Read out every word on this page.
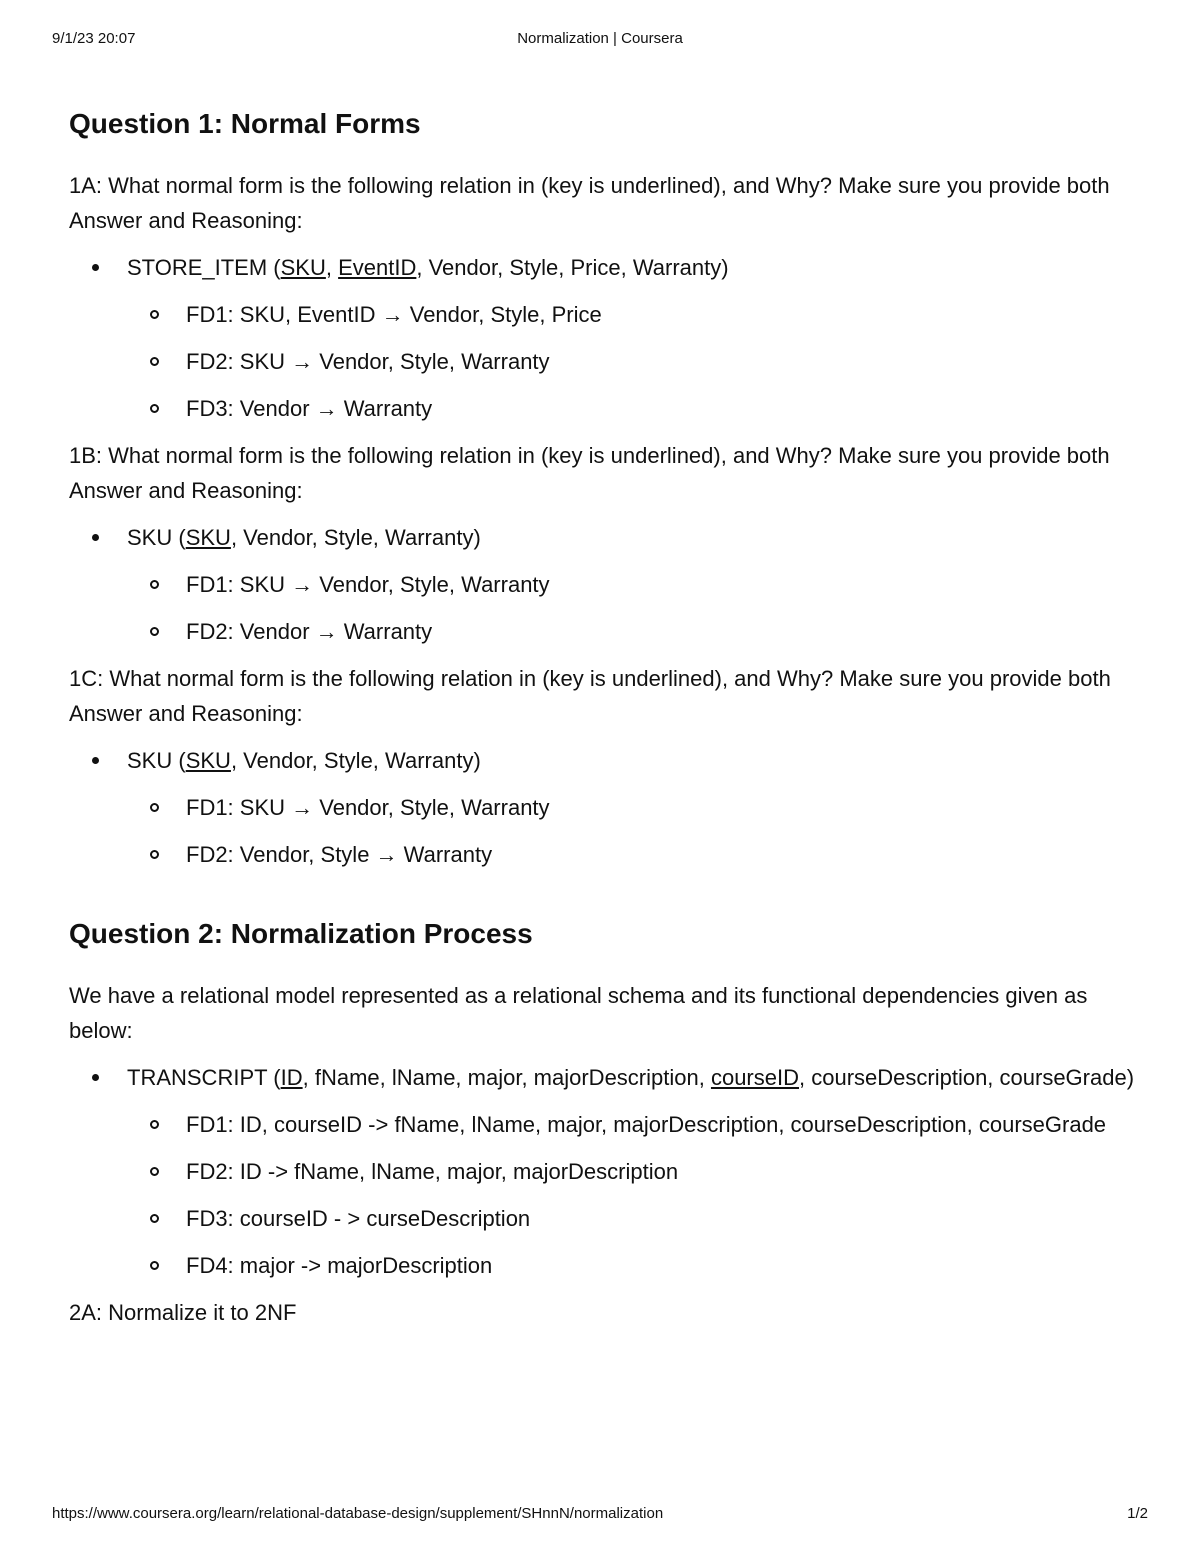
9/1/23 20:07	Normalization | Coursera
Question 1: Normal Forms

1A: What normal form is the following relation in (key is underlined), and Why? Make sure you provide both Answer and Reasoning:

STORE_ITEM (SKU, EventID, Vendor, Style, Price, Warranty)
FD1: SKU, EventID → Vendor, Style, Price
FD2: SKU → Vendor, Style, Warranty
FD3: Vendor → Warranty

1B: What normal form is the following relation in (key is underlined), and Why? Make sure you provide both Answer and Reasoning:

SKU (SKU, Vendor, Style, Warranty)
FD1: SKU → Vendor, Style, Warranty
FD2: Vendor → Warranty

1C: What normal form is the following relation in (key is underlined), and Why? Make sure you provide both Answer and Reasoning:

SKU (SKU, Vendor, Style, Warranty)
FD1: SKU → Vendor, Style, Warranty
FD2: Vendor, Style → Warranty
Question 2: Normalization Process

We have a relational model represented as a relational schema and its functional dependencies given as below:

TRANSCRIPT (ID, fName, lName, major, majorDescription, courseID, courseDescription, courseGrade)
FD1: ID, courseID -> fName, lName, major, majorDescription, courseDescription, courseGrade
FD2: ID -> fName, lName, major, majorDescription
FD3: courseID - > curseDescription
FD4: major -> majorDescription

2A: Normalize it to 2NF

https://www.coursera.org/learn/relational-database-design/supplement/SHnnN/normalization	1/2
